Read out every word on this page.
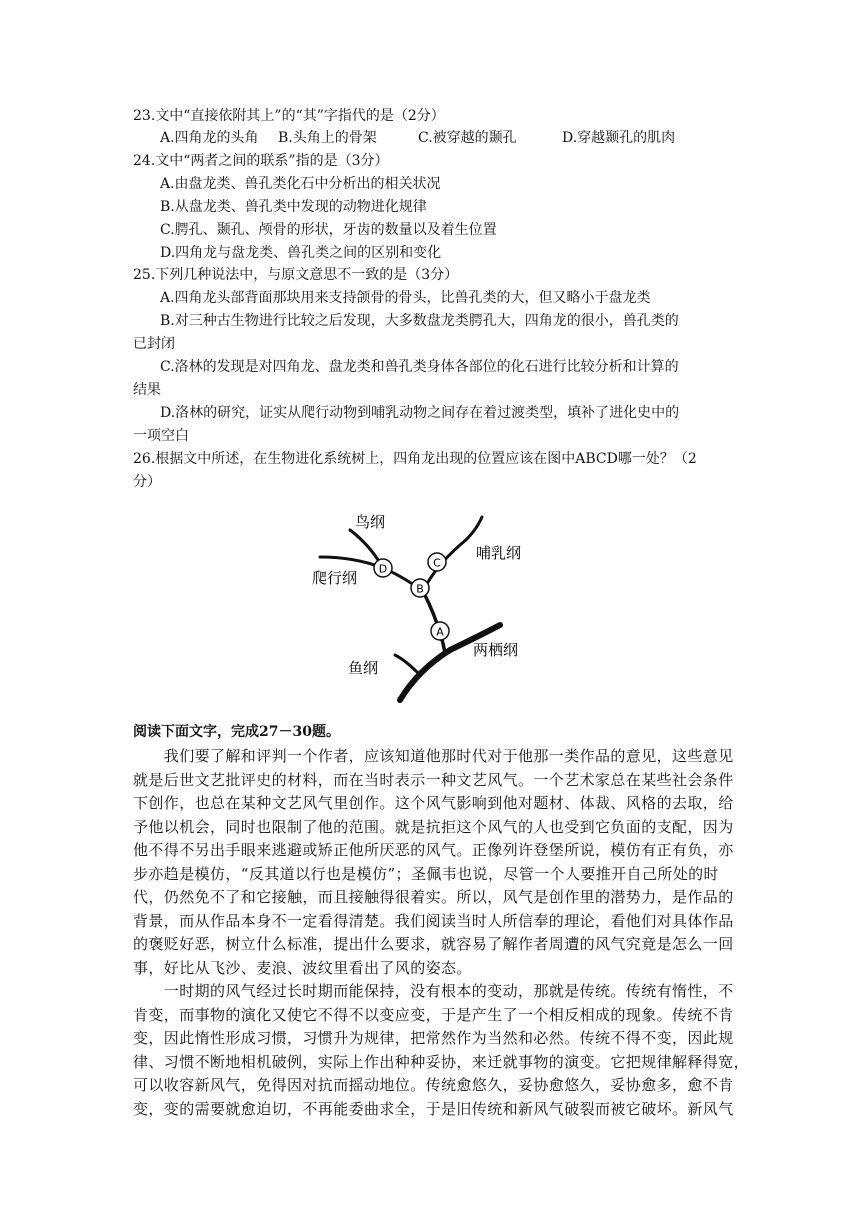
23.文中“直接依附其上”的“其”字指代的是（2分）
A.四角龙的头角 B.头角上的骨架	C.被穿越的颞孔	D.穿越颞孔的肌肉
24.文中“两者之间的联系”指的是（3分）
A.由盘龙类、兽孔类化石中分析出的相关状况
B.从盘龙类、兽孔类中发现的动物进化规律
C.腭孔、颞孔、颅骨的形状，牙齿的数量以及着生位置
D.四角龙与盘龙类、兽孔类之间的区别和变化
25.下列几种说法中，与原文意思不一致的是（3分）
A.四角龙头部背面那块用来支持颌骨的骨头，比兽孔类的大，但又略小于盘龙类
B.对三种古生物进行比较之后发现，大多数盘龙类腭孔大，四角龙的很小，兽孔类的
已封闭
C.洛林的发现是对四角龙、盘龙类和兽孔类身体各部位的化石进行比较分析和计算的
结果
D.洛林的研究，证实从爬行动物到哺乳动物之间存在着过渡类型，填补了进化史中的
一项空白
26.根据文中所述，在生物进化系统树上，四角龙出现的位置应该在图中ABCD哪一处？（2
分）
A
B
C
D
鸟纲
哺乳纲
爬行纲
鱼纲
两栖纲
阅读下面文字，完成27－30题。
　　我们要了解和评判一个作者，应该知道他那时代对于他那一类作品的意见，这些意见
就是后世文艺批评史的材料，而在当时表示一种文艺风气。一个艺术家总在某些社会条件
下创作，也总在某种文艺风气里创作。这个风气影响到他对题材、体裁、风格的去取，给
予他以机会，同时也限制了他的范围。就是抗拒这个风气的人也受到它负面的支配，因为
他不得不另出手眼来逃避或矫正他所厌恶的风气。正像列许登堡所说，模仿有正有负，亦
步亦趋是模仿，“反其道以行也是模仿”；圣佩韦也说，尽管一个人要推开自己所处的时
代，仍然免不了和它接触，而且接触得很着实。所以，风气是创作里的潜势力，是作品的
背景，而从作品本身不一定看得清楚。我们阅读当时人所信奉的理论，看他们对具体作品
的褒贬好恶，树立什么标准，提出什么要求，就容易了解作者周遭的风气究竟是怎么一回
事，好比从飞沙、麦浪、波纹里看出了风的姿态。
　　一时期的风气经过长时期而能保持，没有根本的变动，那就是传统。传统有惰性，不
肯变，而事物的演化又使它不得不以变应变，于是产生了一个相反相成的现象。传统不肯
变，因此惰性形成习惯，习惯升为规律，把常然作为当然和必然。传统不得不变，因此规
律、习惯不断地相机破例，实际上作出种种妥协，来迁就事物的演变。它把规律解释得宽，
可以收容新风气，免得因对抗而摇动地位。传统愈悠久，妥协愈悠久，妥协愈多，愈不肯
变，变的需要就愈迫切，不再能委曲求全，于是旧传统和新风气破裂而被它破坏。新风气
